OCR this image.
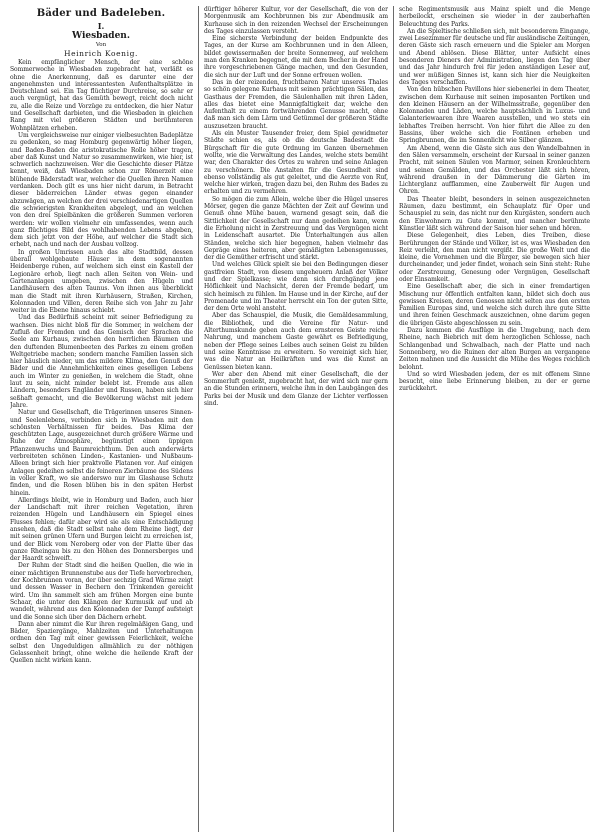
Kein empfänglicher Mensch, der eine schöne Sommerwoche in Wiesbaden zugebracht hat, verläßt es ohne die Anerkennung, daß es darunter eine der angenehmsten und interessantesten Aufenthaltsplätze in Deutschland sei. Ein Tag flüchtiger Durchreise, so sehr er auch vergnügt, hat das Gemüth bewegt, reicht doch nicht zu, alle die Reize und Vorzüge zu entdecken, die hier Natur und Gesellschaft darbieten, und die Wiesbaden in gleichen Rang mit viel größeren Städten und berühmteren Wohnplätzen erheben.

Um vergleichsweise nur einiger vielbesuchten Badeplätze zu gedenken, so mag Homburg gegenwärtig höher liegen, und Baden-Baden die aristokratische Rolle höher tragen, aber daß Kunst und Natur so zusammenwirken, wie hier, ist schwerlich nachzuweisen. Wer die Geschichte dieser Plätze kennt, weiß, daß Wiesbaden schon zur Römerzeit eine blühende Bäderstadt war, welcher die Quellen ihren Namen verdanken. Doch gilt es uns hier nicht darum, in Betracht dieser bäderreichen Länder etwas gegen einander abzuwägen, an welchen der drei verschiedenartigen Quellen die schwierigsten Krankheiten abgelegt, und an welchen von den drei Spielbänken die größeren Summen verloren werden: wir wollen vielmehr ein umfassendes, wenn auch ganz flüchtiges Bild des wohlhabenden Lebens abgeben, dem sich jetzt von der Höhe, auf welcher die Stadt sich erhebt, nach und nach der Ausbau vollzog.

In großen Umrissen auch das alte Stadtbild, dessen überall wohlgebaute Häuser in dem sogenannten Heidenberge ruhen, auf welchem sich einst ein Kastell der Legionäre erhob, liegt nach allen Seiten von Wein- und Gartenanlagen umgeben, zwischen den Hügeln und Landhäusern des alten Taunus. Von ihnen aus überblickt man die Stadt mit ihren Kurhäusern, Straßen, Kirchen, Kolonnaden und Villen, deren Reihe sich von Jahr zu Jahr weiter in die Ebene hinaus schiebt.

Und das Bedürfniß scheint mit seiner Befriedigung zu wachsen. Dies nicht bloß für die Sommer, in welchem der Zufluß der Fremden und das Gemisch der Sprachen die Seele am Kurhaus, zwischen den herrlichen Bäumen und den duftenden Blumenbeeten des Parkes zu einem großen Weltgetriebe machen; sondern manche Familien lassen sich hier häuslich nieder, um das mildere Klima, den Genuß der Bäder und die Annehmlichkeiten eines geselligen Lebens auch im Winter zu genießen, in welchem die Stadt, ohne laut zu sein, nicht minder belebt ist. Fremde aus allen Ländern, besonders Engländer und Russen, haben sich hier seßhaft gemacht, und die Bevölkerung wächst mit jedem Jahre.

Natur und Gesellschaft, die Trägerinnen unseres Sinnen- und Seelenlebens, verbinden sich in Wiesbaden mit den schönsten Verhältnissen für beides. Das Klima der geschützten Lage, ausgezeichnet durch größere Wärme und Ruhe der Atmosphäre, begünstigt einen üppigen Pflanzenwuchs und Baumreichthum. Den auch anderwärts verbreiteten schönen Linden-, Kastanien- und Nußbaum-Alleen bringt sich hier praktvolle Platanen vor. Auf einigen Anlagen gedeihen selbst die feineren Zierbäume des Südens in voller Kraft, wo sie anderswo nur im Glashause Schutz finden, und die Rosen blühen bis in den späten Herbst hinein.

Allerdings bleibt, wie in Homburg und Baden, auch hier der Landschaft mit ihrer reichen Vegetation, ihren reizenden Hügeln und Landhäusern ein Spiegel eines Flusses fehlen; dafür aber wird sie als eine Entschädigung ansehen, daß die Stadt selbst nahe dem Rheine liegt, der mit seinen grünen Ufern und Burgen leicht zu erreichen ist, und der Blick vom Neroberg oder von der Platte über das ganze Rheingau bis zu den Höhen des Donnersberges und der Haardt schweift.

Der Ruhm der Stadt sind die heißen Quellen, die wie in einer mächtigen Brunnenstube aus der Tiefe hervorbrechen, der Kochbrunnen voran, der über sechzig Grad Wärme zeigt und dessen Wasser in Bechern den Trinkenden gereicht wird. Um ihn sammelt sich am frühen Morgen eine bunte Schaar, die unter den Klängen der Kurmusik auf und ab wandelt, während aus den Kolonnaden der Dampf aufsteigt und die Sonne sich über den Dächern erhebt.

Dann aber nimmt die Kur ihren regelmäßigen Gang, und Bäder, Spaziergänge, Mahlzeiten und Unterhaltungen ordnen den Tag mit einer gewissen Feierlichkeit, welche selbst den Ungeduldigen allmählich zu der nöthigen Gelassenheit bringt, ohne welche die heilende Kraft der Quellen nicht wirken kann.

Bäder und Badeleben.
I.
Wiesbaden.
Von
Heinrich Koenig.

dürftiger höherer Kultur, vor der Gesellschaft, die von der Morgenmusik am Kochbrunnen bis zur Abendmusik am Kurhause sich in den reizenden Wechsel der Erscheinungen des Tages einzulassen versteht.

Eine sicherste Verbindung der beiden Endpunkte des Tages, an der Kurse am Kochbrunnen und in den Alleen, bildet gewissermaßen der breite Sonnenweg, auf welchem man den Kranken begegnet, die mit dem Becher in der Hand ihre vorgeschriebenen Gänge machen, und den Gesunden, die sich nur der Luft und der Sonne erfreuen wollen.

Das in der reizenden, fruchtbaren Natur unseres Thales so schön gelegene Kurhaus mit seinen prächtigen Sälen, das Gasthaus der Fremden, die Säulenhallen mit ihren Läden, alles das bietet eine Mannigfaltigkeit dar, welche den Aufenthalt zu einem fortwährenden Genusse macht, ohne daß man sich dem Lärm und Getümmel der größeren Städte auszusetzen braucht.

Als ein Muster Tausender freier, dem Spiel gewidmeter Städte schien es, als ob die deutsche Badestadt die Bürgschaft für die gute Ordnung im Ganzen übernehmen wollte, wie die Verwaltung des Landes, welche stets bemüht war, den Charakter des Ortes zu wahren und seine Anlagen zu verschönern. Die Anstalten für die Gesundheit sind ebenso vollständig als gut geleitet, und die Aerzte von Ruf, welche hier wirken, tragen dazu bei, den Ruhm des Bades zu erhalten und zu vermehren.

So mögen die zum Allein, welche über die Hügel unseres Mörser, gegen die ganze Mächten der Zeit auf Gewinn und Genuß ohne Mühe bauen, warnend gesagt sein, daß die Sittlichkeit der Gesellschaft nur dann gedeihen kann, wenn die Erholung nicht in Zerstreuung und das Vergnügen nicht in Leidenschaft ausartet. Die Unterhaltungen aus allen Ständen, welche sich hier begegnen, haben vielmehr das Gepräge eines heiteren, aber gemäßigten Lebensgenusses, der die Gemüther erfrischt und stärkt.

Und welches Glück spielt sie bei den Bedingungen dieser gastfreien Stadt, von diesem ungeheuern Anlaß der Völker und der Spielkasse; wie denn sich durchgängig jene Höflichkeit und Nachsicht, deren der Fremde bedarf, um sich heimisch zu fühlen. Im Hause und in der Kirche, auf der Promenade und im Theater herrscht ein Ton der guten Sitte, der dem Orte wohl ansteht.

Aber das Schauspiel, die Musik, die Gemäldesammlung, die Bibliothek, und die Vereine für Natur- und Alterthumskunde geben auch dem ernsteren Geiste reiche Nahrung, und manchem Gaste gewährt es Befriedigung, neben der Pflege seines Leibes auch seinen Geist zu bilden und seine Kenntnisse zu erweitern. So vereinigt sich hier, was die Natur an Heilkräften und was die Kunst an Genüssen bieten kann.

Wer aber den Abend mit einer Gesellschaft, die der Sommerluft genießt, zugebracht hat, der wird sich nur gern an die Stunden erinnern, welche ihm in den Laubgängen des Parks bei der Musik und dem Glanze der Lichter verflossen sind.

sche Regimentsmusik aus Mainz spielt und die Menge herbeilockt, erscheinen sie wieder in der zauberhaften Beleuchtung des Parks.

An die Spieltische schließen sich, mit besonderem Eingange, zwei Lesezimmer für deutsche und für ausländische Zeitungen, deren Gäste sich rasch erneuern und die Spieler am Morgen und Abend ablösen. Diese Blätter, unter Aufsicht eines besonderen Dieners der Administration, liegen den Tag über und das Jahr hindurch frei für jeden anständigen Leser auf, und wer müßigen Sinnes ist, kann sich hier die Neuigkeiten des Tages verschaffen.

Von den hübschen Pavillons hier siebenerlei in dem Theater, zwischen dem Kurhause mit seinen imposanten Portiken und den kleinen Häusern an der Wilhelmsstraße, gegenüber den Kolonnaden und Läden, welche hauptsächlich in Luxus- und Galanteriewaaren ihre Waaren ausstellen, und wo stets ein lebhaftes Treiben herrscht. Von hier führt die Allee zu den Bassins, über welche sich die Fontänen erheben und Springbrunnen, die im Sonnenlicht wie Silber glänzen.

Am Abend, wenn die Gäste sich aus den Wandelbahnen in den Sälen versammeln, erscheint der Kursaal in seiner ganzen Pracht, mit seinen Säulen von Marmor, seinen Kronleuchtern und seinen Gemälden, und das Orchester läßt sich hören, während draußen in der Dämmerung die Gärten im Lichterglanz aufflammen, eine Zauberwelt für Augen und Ohren.

Das Theater bleibt, besonders in seinen ausgezeichneten Räumen, dazu bestimmt, ein Schauplatz für Oper und Schauspiel zu sein, das nicht nur den Kurgästen, sondern auch den Einwohnern zu Gute kommt, und mancher berühmte Künstler läßt sich während der Saison hier sehen und hören.

Diese Gelegenheit, dies Leben, dies Treiben, diese Berührungen der Stände und Völker, ist es, was Wiesbaden den Reiz verleiht, den man nicht vergißt. Die große Welt und die kleine, die Vornehmen und die Bürger, sie bewegen sich hier durcheinander, und jeder findet, wonach sein Sinn steht: Ruhe oder Zerstreuung, Genesung oder Vergnügen, Gesellschaft oder Einsamkeit.

Eine Gesellschaft aber, die sich in einer fremdartigen Mischung nur öffentlich entfalten kann, bildet sich doch aus gewissen Kreisen, deren Genossen nicht selten aus den ersten Familien Europas sind, und welche sich durch ihre gute Sitte und ihren feinen Geschmack auszeichnen, ohne darum gegen die übrigen Gäste abgeschlossen zu sein.

Dazu kommen die Ausflüge in die Umgebung, nach dem Rheine, nach Biebrich mit dem herzoglichen Schlosse, nach Schlangenbad und Schwalbach, nach der Platte und nach Sonnenberg, wo die Ruinen der alten Burgen an vergangene Zeiten mahnen und die Aussicht die Mühe des Weges reichlich belohnt.

Und so wird Wiesbaden jedem, der es mit offenem Sinne besucht, eine liebe Erinnerung bleiben, zu der er gerne zurückkehrt.
